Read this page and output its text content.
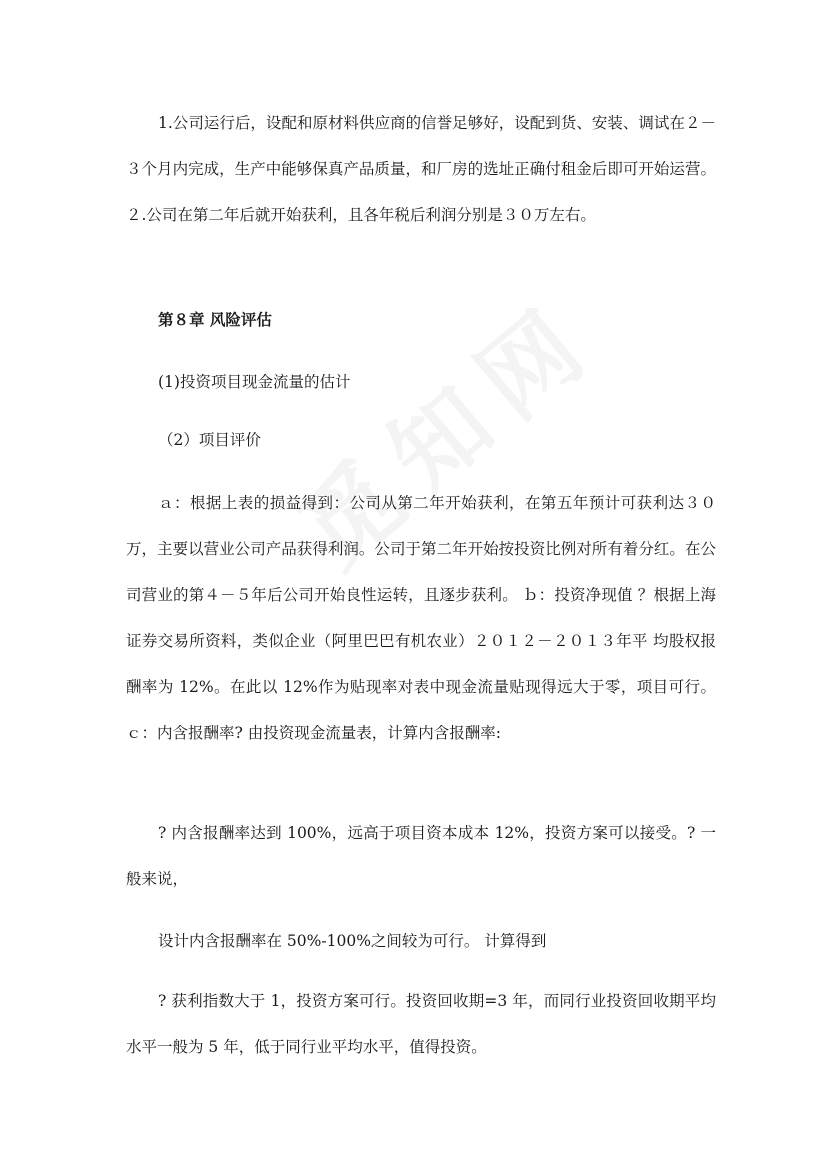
1.公司运行后，设配和原材料供应商的信誉足够好，设配到货、安装、调试在２－３个月内完成，生产中能够保真产品质量，和厂房的选址正确付租金后即可开始运营。 ２.公司在第二年后就开始获利，且各年税后利润分别是３０万左右。

第８章 风险评估

(1)投资项目现金流量的估计

（2）项目评价

ａ：根据上表的损益得到：公司从第二年开始获利，在第五年预计可获利达３０万，主要以营业公司产品获得利润。公司于第二年开始按投资比例对所有着分红。在公司营业的第４－５年后公司开始良性运转，且逐步获利。 ｂ：投资净现值 ？根据上海证券交易所资料，类似企业（阿里巴巴有机农业）２０１２－２０１３年平 均股权报酬率为 12%。在此以 12%作为贴现率对表中现金流量贴现得远大于零，项目可行。 ｃ：内含报酬率? 由投资现金流量表，计算内含报酬率:

? 内含报酬率达到 100%，远高于项目资本成本 12%，投资方案可以接受。? 一般来说，

设计内含报酬率在 50%-100%之间较为可行。 计算得到

? 获利指数大于 1，投资方案可行。投资回收期=3 年，而同行业投资回收期平均水平一般为 5 年，低于同行业平均水平，值得投资。
